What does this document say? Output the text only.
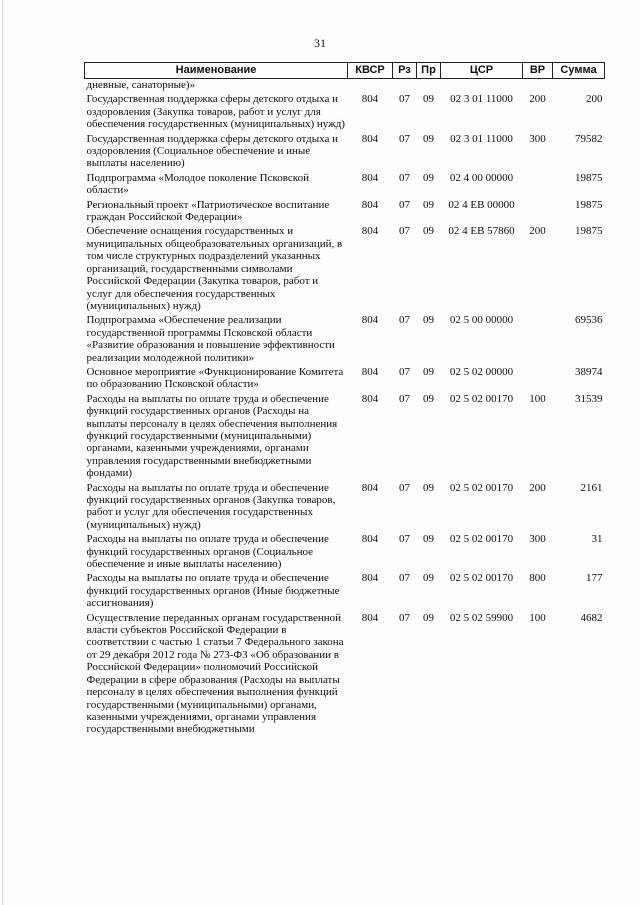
31
Наименование	КВСР	Рз	Пр	ЦСР	ВР	Сумма
дневные, санаторные)»						
Государственная поддержка сферы детского отдыха и оздоровления (Закупка товаров, работ и услуг для обеспечения государственных (муниципальных) нужд)	804	07	09	02 3 01 11000	200	200
Государственная поддержка сферы детского отдыха и оздоровления (Социальное обеспечение и иные выплаты населению)	804	07	09	02 3 01 11000	300	79582
Подпрограмма «Молодое поколение Псковской области»	804	07	09	02 4 00 00000		19875
Региональный проект «Патриотическое воспитание граждан Российской Федерации»	804	07	09	02 4 EB 00000		19875
Обеспечение оснащения государственных и муниципальных общеобразовательных организаций, в том числе структурных подразделений указанных организаций, государственными символами Российской Федерации (Закупка товаров, работ и услуг для обеспечения государственных (муниципальных) нужд)	804	07	09	02 4 EB 57860	200	19875
Подпрограмма «Обеспечение реализации государственной программы Псковской области «Развитие образования и повышение эффективности реализации молодежной политики»	804	07	09	02 5 00 00000		69536
Основное мероприятие «Функционирование Комитета по образованию Псковской области»	804	07	09	02 5 02 00000		38974
Расходы на выплаты по оплате труда и обеспечение функций государственных органов (Расходы на выплаты персоналу в целях обеспечения выполнения функций государственными (муниципальными) органами, казенными учреждениями, органами управления государственными внебюджетными фондами)	804	07	09	02 5 02 00170	100	31539
Расходы на выплаты по оплате труда и обеспечение функций государственных органов (Закупка товаров, работ и услуг для обеспечения государственных (муниципальных) нужд)	804	07	09	02 5 02 00170	200	2161
Расходы на выплаты по оплате труда и обеспечение функций государственных органов (Социальное обеспечение и иные выплаты населению)	804	07	09	02 5 02 00170	300	31
Расходы на выплаты по оплате труда и обеспечение функций государственных органов (Иные бюджетные ассигнования)	804	07	09	02 5 02 00170	800	177
Осуществление переданных органам государственной власти субъектов Российской Федерации в соответствии с частью 1 статьи 7 Федерального закона от 29 декабря 2012 года № 273-ФЗ «Об образовании в Российской Федерации» полномочий Российской Федерации в сфере образования (Расходы на выплаты персоналу в целях обеспечения выполнения функций государственными (муниципальными) органами, казенными учреждениями, органами управления государственными внебюджетными	804	07	09	02 5 02 59900	100	4682
